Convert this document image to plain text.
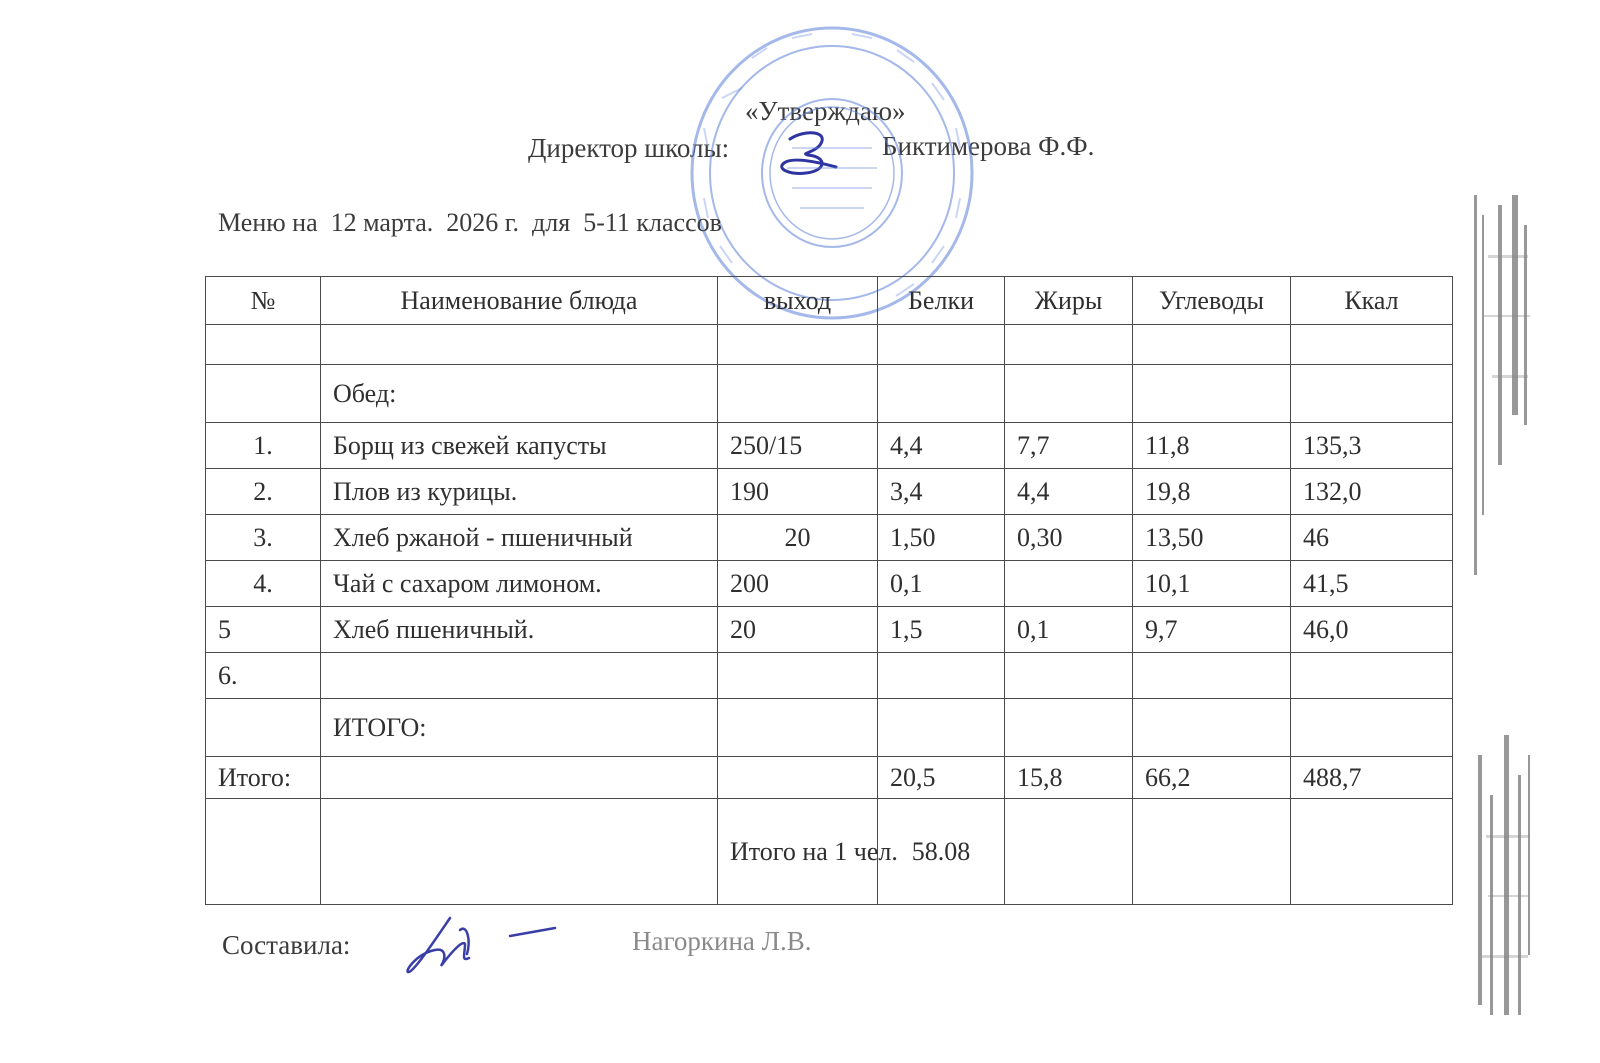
«Утверждаю»
Директор школы:	Биктимерова Ф.Ф.
Меню на  12 марта.  2026 г.  для  5-11 классов
№	Наименование блюда	выход	Белки	Жиры	Углеводы	Ккал

	Обед:					
1.	Борщ из свежей капусты	250/15	4,4	7,7	11,8	135,3
2.	Плов из курицы.	190	3,4	4,4	19,8	132,0
3.	Хлеб ржаной - пшеничный	20	1,50	0,30	13,50	46
4.	Чай с сахаром лимоном.	200	0,1		10,1	41,5
5	Хлеб пшеничный.	20	1,5	0,1	9,7	46,0
6.						
	ИТОГО:					
Итого:			20,5	15,8	66,2	488,7
		Итого на 1 чел.	58.08			
Составила:	Нагоркина Л.В.
